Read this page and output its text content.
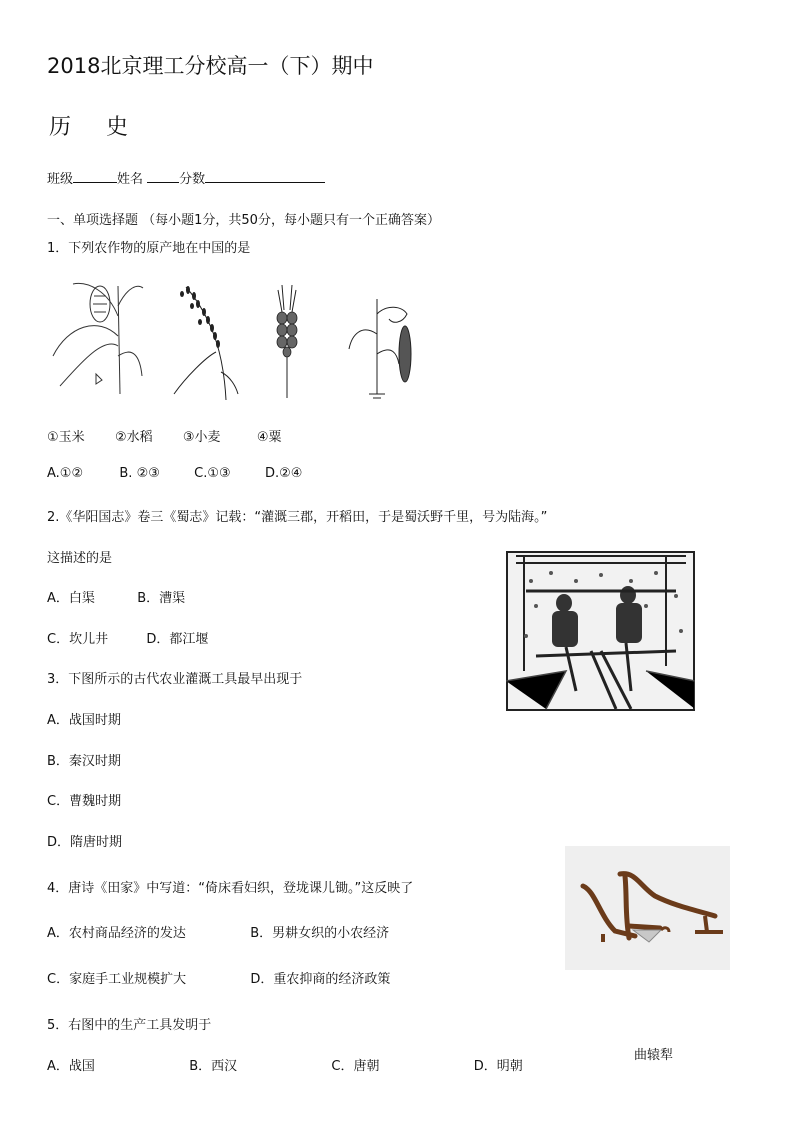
2018北京理工分校高一（下）期中
历 史
班级	姓名	分数
一、单项选择题 （每小题1分，共50分，每小题只有一个正确答案）
1．下列农作物的原产地在中国的是
①玉米 ②水稻 ③小麦	④粟
A.①②	B. ②③	C.①③	D.②④
2.《华阳国志》卷三《蜀志》记载：“灌溉三郡，开稻田，于是蜀沃野千里，号为陆海。”
这描述的是
A．白渠	B．漕渠
C．坎儿井	D．都江堰
3．下图所示的古代农业灌溉工具最早出现于
A．战国时期
B．秦汉时期
C．曹魏时期
D．隋唐时期
4．唐诗《田家》中写道：“倚床看妇织，登垅课儿锄。”这反映了
A．农村商品经济的发达	B．男耕女织的小农经济
C．家庭手工业规模扩大	D．重农抑商的经济政策
5．右图中的生产工具发明于
曲辕犁
A．战国	B．西汉	C．唐朝	D．明朝
